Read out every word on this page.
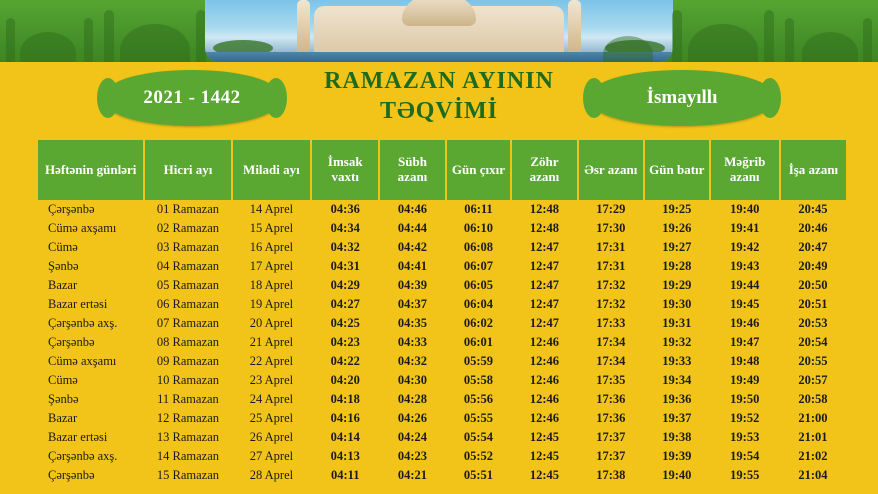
2021 - 1442
RAMAZAN AYININ
TƏQVİMİ
İsmayıllı
Həftənin günləri	Hicri ayı	Miladi ayı	İmsak vaxtı	Sübh azanı	Gün çıxır	Zöhr azanı	Əsr azanı	Gün batır	Məğrib azanı	İşa azanı
Çərşənbə	01 Ramazan	14 Aprel	04:36	04:46	06:11	12:48	17:29	19:25	19:40	20:45
Cümə axşamı	02 Ramazan	15 Aprel	04:34	04:44	06:10	12:48	17:30	19:26	19:41	20:46
Cümə	03 Ramazan	16 Aprel	04:32	04:42	06:08	12:47	17:31	19:27	19:42	20:47
Şənbə	04 Ramazan	17 Aprel	04:31	04:41	06:07	12:47	17:31	19:28	19:43	20:49
Bazar	05 Ramazan	18 Aprel	04:29	04:39	06:05	12:47	17:32	19:29	19:44	20:50
Bazar ertəsi	06 Ramazan	19 Aprel	04:27	04:37	06:04	12:47	17:32	19:30	19:45	20:51
Çərşənbə axş.	07 Ramazan	20 Aprel	04:25	04:35	06:02	12:47	17:33	19:31	19:46	20:53
Çərşənbə	08 Ramazan	21 Aprel	04:23	04:33	06:01	12:46	17:34	19:32	19:47	20:54
Cümə axşamı	09 Ramazan	22 Aprel	04:22	04:32	05:59	12:46	17:34	19:33	19:48	20:55
Cümə	10 Ramazan	23 Aprel	04:20	04:30	05:58	12:46	17:35	19:34	19:49	20:57
Şənbə	11 Ramazan	24 Aprel	04:18	04:28	05:56	12:46	17:36	19:36	19:50	20:58
Bazar	12 Ramazan	25 Aprel	04:16	04:26	05:55	12:46	17:36	19:37	19:52	21:00
Bazar ertəsi	13 Ramazan	26 Aprel	04:14	04:24	05:54	12:45	17:37	19:38	19:53	21:01
Çərşənbə axş.	14 Ramazan	27 Aprel	04:13	04:23	05:52	12:45	17:37	19:39	19:54	21:02
Çərşənbə	15 Ramazan	28 Aprel	04:11	04:21	05:51	12:45	17:38	19:40	19:55	21:04
